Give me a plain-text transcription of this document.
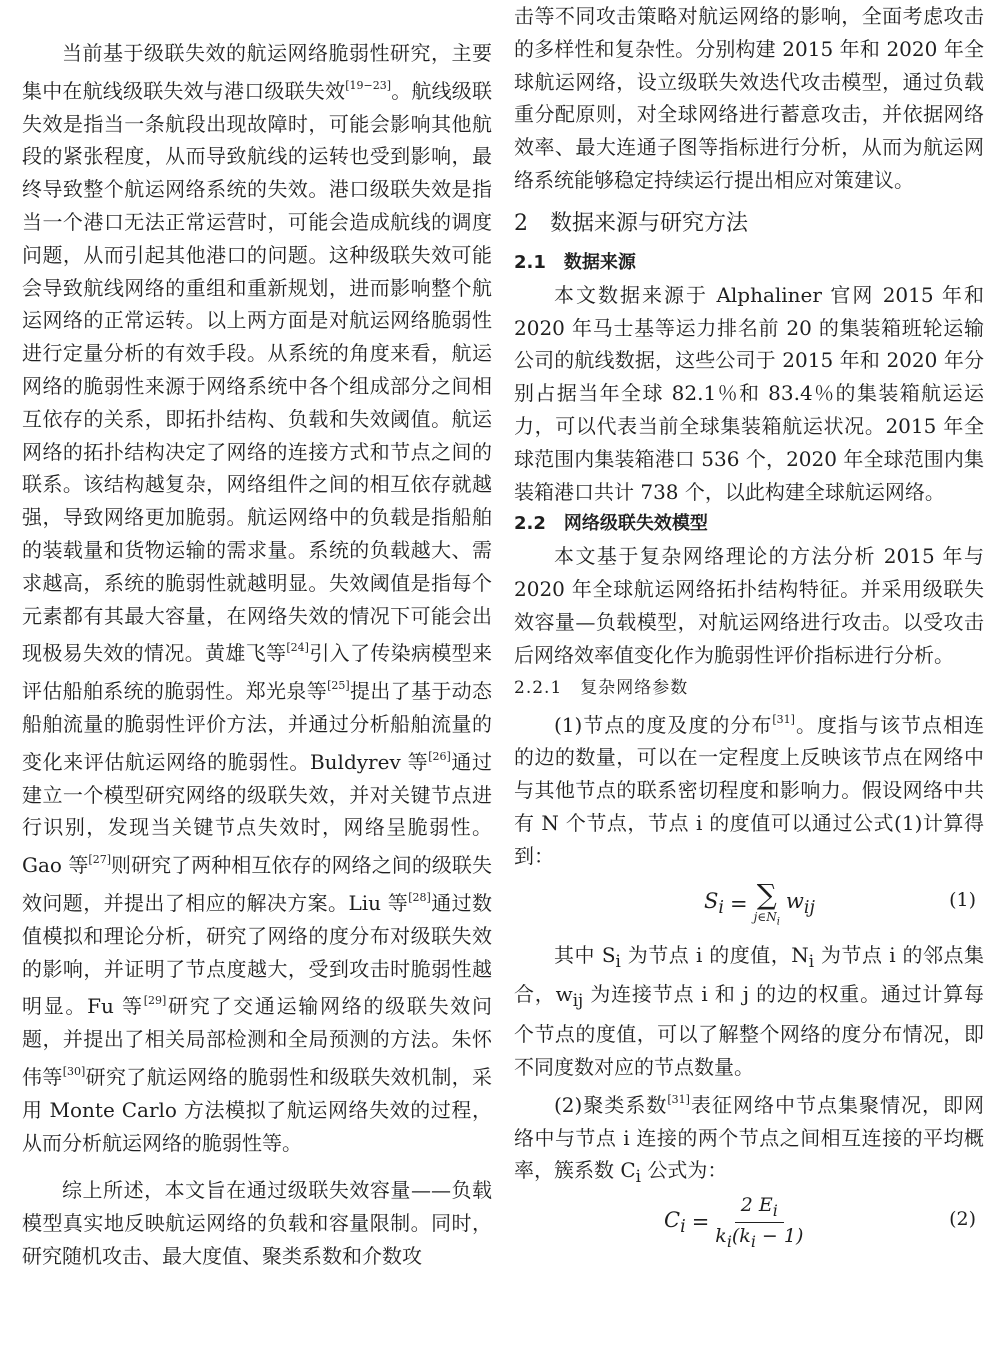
当前基于级联失效的航运网络脆弱性研究，主要集中在航线级联失效与港口级联失效[19−23]。航线级联失效是指当一条航段出现故障时，可能会影响其他航段的紧张程度，从而导致航线的运转也受到影响，最终导致整个航运网络系统的失效。港口级联失效是指当一个港口无法正常运营时，可能会造成航线的调度问题，从而引起其他港口的问题。这种级联失效可能会导致航线网络的重组和重新规划，进而影响整个航运网络的正常运转。以上两方面是对航运网络脆弱性进行定量分析的有效手段。从系统的角度来看，航运网络的脆弱性来源于网络系统中各个组成部分之间相互依存的关系，即拓扑结构、负载和失效阈值。航运网络的拓扑结构决定了网络的连接方式和节点之间的联系。该结构越复杂，网络组件之间的相互依存就越强，导致网络更加脆弱。航运网络中的负载是指船舶的装载量和货物运输的需求量。系统的负载越大、需求越高，系统的脆弱性就越明显。失效阈值是指每个元素都有其最大容量，在网络失效的情况下可能会出现极易失效的情况。黄雄飞等[24]引入了传染病模型来评估船舶系统的脆弱性。郑光泉等[25]提出了基于动态船舶流量的脆弱性评价方法，并通过分析船舶流量的变化来评估航运网络的脆弱性。Buldyrev 等[26]通过建立一个模型研究网络的级联失效，并对关键节点进行识别，发现当关键节点失效时，网络呈脆弱性。Gao 等[27]则研究了两种相互依存的网络之间的级联失效问题，并提出了相应的解决方案。Liu 等[28]通过数值模拟和理论分析，研究了网络的度分布对级联失效的影响，并证明了节点度越大，受到攻击时脆弱性越明显。Fu 等[29]研究了交通运输网络的级联失效问题，并提出了相关局部检测和全局预测的方法。朱怀伟等[30]研究了航运网络的脆弱性和级联失效机制，采用 Monte Carlo 方法模拟了航运网络失效的过程，从而分析航运网络的脆弱性等。

综上所述，本文旨在通过级联失效容量——负载模型真实地反映航运网络的负载和容量限制。同时，研究随机攻击、最大度值、聚类系数和介数攻

击等不同攻击策略对航运网络的影响，全面考虑攻击的多样性和复杂性。分别构建 2015 年和 2020 年全球航运网络，设立级联失效迭代攻击模型，通过负载重分配原则，对全球网络进行蓄意攻击，并依据网络效率、最大连通子图等指标进行分析，从而为航运网络系统能够稳定持续运行提出相应对策建议。

2　数据来源与研究方法
2.1　数据来源

本文数据来源于 Alphaliner 官网 2015 年和 2020 年马士基等运力排名前 20 的集装箱班轮运输公司的航线数据，这些公司于 2015 年和 2020 年分别占据当年全球 82.1％和 83.4％的集装箱航运运力，可以代表当前全球集装箱航运状况。2015 年全球范围内集装箱港口 536 个，2020 年全球范围内集装箱港口共计 738 个，以此构建全球航运网络。

2.2　网络级联失效模型

本文基于复杂网络理论的方法分析 2015 年与 2020 年全球航运网络拓扑结构特征。并采用级联失效容量—负载模型，对航运网络进行攻击。以受攻击后网络效率值变化作为脆弱性评价指标进行分析。

2.2.1　复杂网络参数

(1)节点的度及度的分布[31]。度指与该节点相连的边的数量，可以在一定程度上反映该节点在网络中与其他节点的联系密切程度和影响力。假设网络中共有 N 个节点，节点 i 的度值可以通过公式(1)计算得到：

$S_i$ = ∑
$j\in N_i$
$w_{ij}$	(1)

其中 $S_i$ 为节点 i 的度值，$N_i$ 为节点 i 的邻点集合，$w_{ij}$ 为连接节点 i 和 j 的边的权重。通过计算每个节点的度值，可以了解整个网络的度分布情况，即不同度数对应的节点数量。

(2)聚类系数[31]表征网络中节点集聚情况，即网络中与节点 i 连接的两个节点之间相互连接的平均概率，簇系数 $C_i$ 公式为：

$C_i = \frac{2 E_i}{k_i(k_i - 1)}$	(2)
